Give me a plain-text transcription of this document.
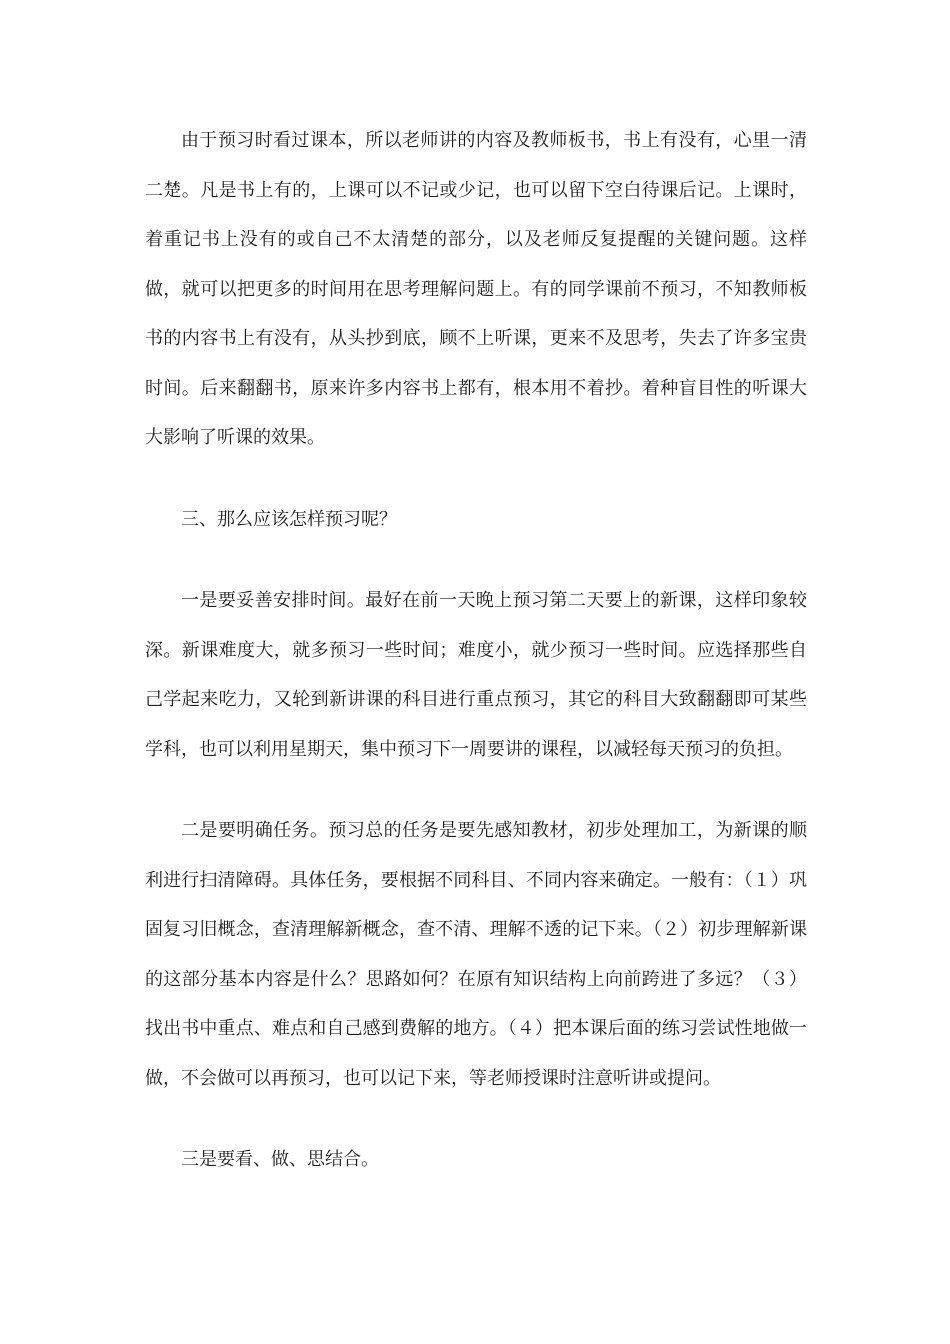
由于预习时看过课本，所以老师讲的内容及教师板书，书上有没有，心里一清二楚。凡是书上有的，上课可以不记或少记，也可以留下空白待课后记。上课时，着重记书上没有的或自己不太清楚的部分，以及老师反复提醒的关键问题。这样做，就可以把更多的时间用在思考理解问题上。有的同学课前不预习，不知教师板书的内容书上有没有，从头抄到底，顾不上听课，更来不及思考，失去了许多宝贵时间。后来翻翻书，原来许多内容书上都有，根本用不着抄。着种盲目性的听课大大影响了听课的效果。

三、那么应该怎样预习呢？

一是要妥善安排时间。最好在前一天晚上预习第二天要上的新课，这样印象较深。新课难度大，就多预习一些时间；难度小，就少预习一些时间。应选择那些自己学起来吃力，又轮到新讲课的科目进行重点预习，其它的科目大致翻翻即可某些学科，也可以利用星期天，集中预习下一周要讲的课程，以减轻每天预习的负担。

二是要明确任务。预习总的任务是要先感知教材，初步处理加工，为新课的顺利进行扫清障碍。具体任务，要根据不同科目、不同内容来确定。一般有：（１）巩固复习旧概念，查清理解新概念，查不清、理解不透的记下来。（２）初步理解新课的这部分基本内容是什么？思路如何？在原有知识结构上向前跨进了多远？（３）找出书中重点、难点和自己感到费解的地方。（４）把本课后面的练习尝试性地做一做，不会做可以再预习，也可以记下来，等老师授课时注意听讲或提问。

三是要看、做、思结合。
